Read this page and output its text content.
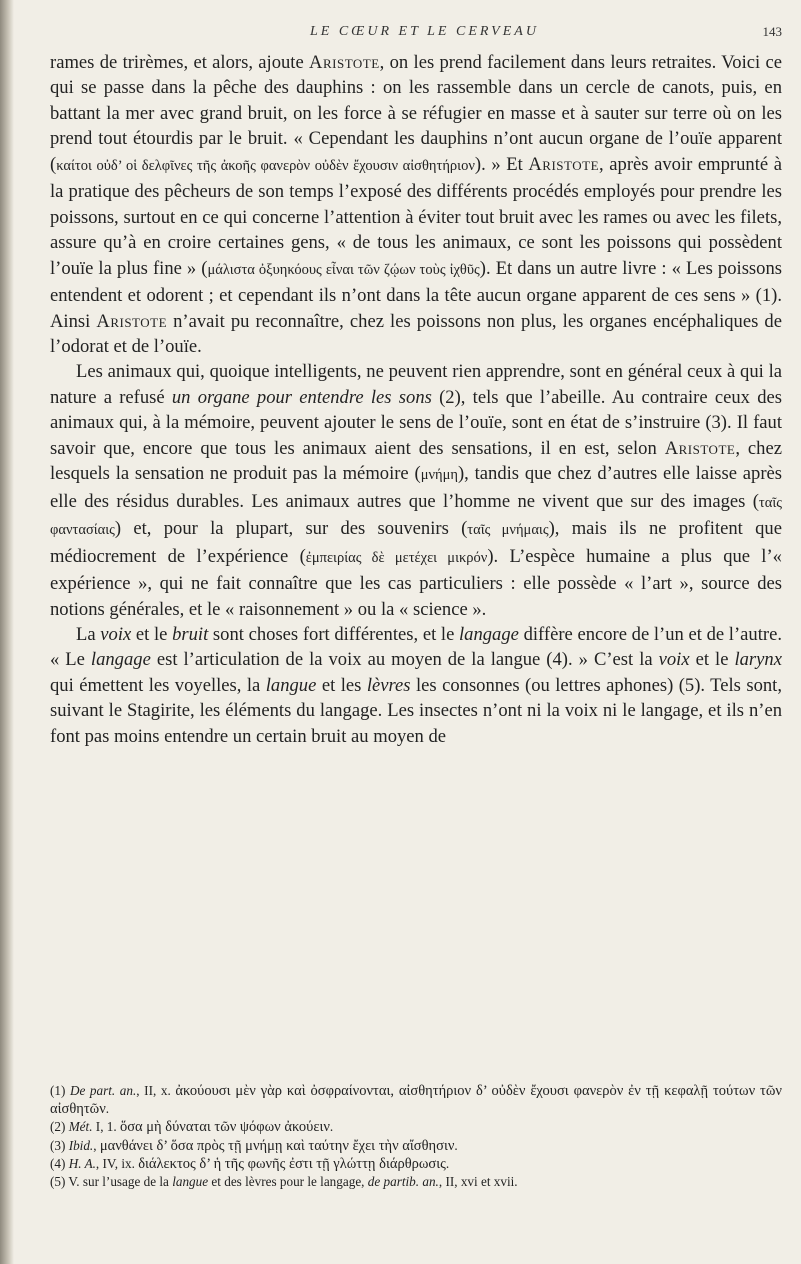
LE CŒUR ET LE CERVEAU	143

rames de trirèmes, et alors, ajoute Aristote, on les prend facilement dans leurs retraites. Voici ce qui se passe dans la pêche des dauphins : on les rassemble dans un cercle de canots, puis, en battant la mer avec grand bruit, on les force à se réfugier en masse et à sauter sur terre où on les prend tout étourdis par le bruit. « Cependant les dauphins n’ont aucun organe de l’ouïe apparent (καίτοι οὐδ’ οἱ δελφῖνες τῆς ἀκοῆς φανερὸν οὐδὲν ἔχουσιν αἰσθητήριον). » Et Aristote, après avoir emprunté à la pratique des pêcheurs de son temps l’exposé des différents procédés employés pour prendre les poissons, surtout en ce qui concerne l’attention à éviter tout bruit avec les rames ou avec les filets, assure qu’à en croire certaines gens, « de tous les animaux, ce sont les poissons qui possèdent l’ouïe la plus fine » (μάλιστα ὀξυηκόους εἶναι τῶν ζῴων τοὺς ἰχθῦς). Et dans un autre livre : « Les poissons entendent et odorent ; et cependant ils n’ont dans la tête aucun organe apparent de ces sens » (1). Ainsi Aristote n’avait pu reconnaître, chez les poissons non plus, les organes encéphaliques de l’odorat et de l’ouïe.

Les animaux qui, quoique intelligents, ne peuvent rien apprendre, sont en général ceux à qui la nature a refusé un organe pour entendre les sons (2), tels que l’abeille. Au contraire ceux des animaux qui, à la mémoire, peuvent ajouter le sens de l’ouïe, sont en état de s’instruire (3). Il faut savoir que, encore que tous les animaux aient des sensations, il en est, selon Aristote, chez lesquels la sensation ne produit pas la mémoire (μνήμη), tandis que chez d’autres elle laisse après elle des résidus durables. Les animaux autres que l’homme ne vivent que sur des images (ταῖς φαντασίαις) et, pour la plupart, sur des souvenirs (ταῖς μνήμαις), mais ils ne profitent que médiocrement de l’expérience (ἐμπειρίας δὲ μετέχει μικρόν). L’espèce humaine a plus que l’« expérience », qui ne fait connaître que les cas particuliers : elle possède « l’art », source des notions générales, et le « raisonnement » ou la « science ».

La voix et le bruit sont choses fort différentes, et le langage diffère encore de l’un et de l’autre. « Le langage est l’articulation de la voix au moyen de la langue (4). » C’est la voix et le larynx qui émettent les voyelles, la langue et les lèvres les consonnes (ou lettres aphones) (5). Tels sont, suivant le Stagirite, les éléments du langage. Les insectes n’ont ni la voix ni le langage, et ils n’en font pas moins entendre un certain bruit au moyen de

(1) De part. an., II, x. ἀκούουσι μὲν γὰρ καὶ ὀσφραίνονται, αἰσθητήριον δ’ οὐδὲν ἔχουσι φανερὸν ἐν τῇ κεφαλῇ τούτων τῶν αἰσθητῶν.

(2) Mét. I, 1. ὅσα μὴ δύναται τῶν ψόφων ἀκούειν.

(3) Ibid., μανθάνει δ’ ὅσα πρὸς τῇ μνήμῃ καὶ ταύτην ἔχει τὴν αἴσθησιν.

(4) H. A., IV, ix. διάλεκτος δ’ ἡ τῆς φωνῆς ἐστι τῇ γλώττῃ διάρθρωσις.

(5) V. sur l’usage de la langue et des lèvres pour le langage, de partib. an., II, xvi et xvii.
